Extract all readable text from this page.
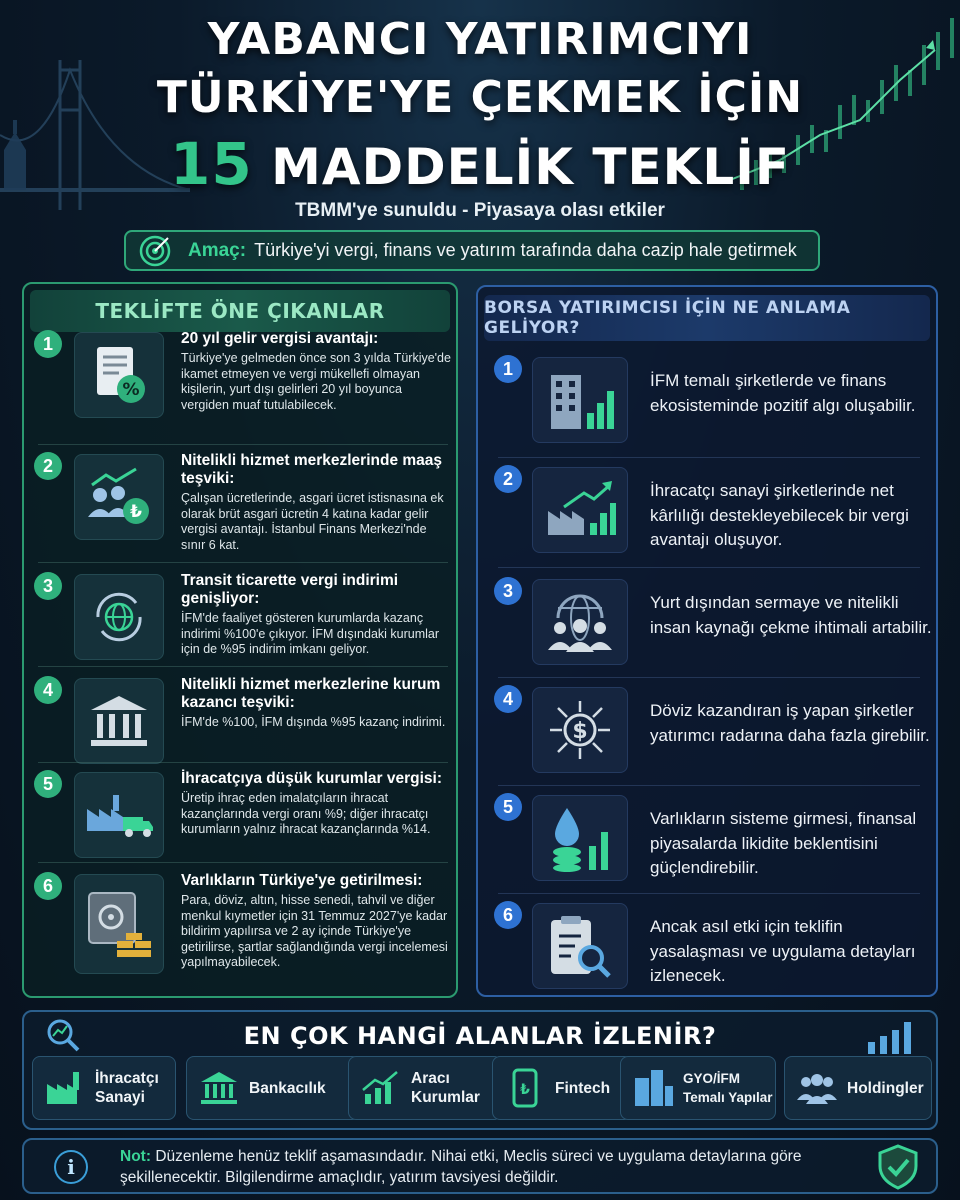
YABANCI YATIRIMCIYI
TÜRKİYE'YE ÇEKMEK İÇİN
15 MADDELİK TEKLİF
TBMM'ye sunuldu - Piyasaya olası etkiler
Amaç: Türkiye'yi vergi, finans ve yatırım tarafında daha cazip hale getirmek
TEKLİFTE ÖNE ÇIKANLAR
1
%
20 yıl gelir vergisi avantajı:
Türkiye'ye gelmeden önce son 3 yılda Türkiye'de ikamet etmeyen ve vergi mükellefi olmayan kişilerin, yurt dışı gelirleri 20 yıl boyunca vergiden muaf tutulabilecek.
2
₺
Nitelikli hizmet merkezlerinde maaş teşviki:
Çalışan ücretlerinde, asgari ücret istisnasına ek olarak brüt asgari ücretin 4 katına kadar gelir vergisi avantajı. İstanbul Finans Merkezi'nde sınır 6 kat.
3	Transit ticarette vergi indirimi genişliyor:
İFM'de faaliyet gösteren kurumlarda kazanç indirimi %100'e çıkıyor. İFM dışındaki kurumlar için de %95 indirim imkanı geliyor.
4	Nitelikli hizmet merkezlerine kurum kazancı teşviki:
İFM'de %100, İFM dışında %95 kazanç indirimi.
5	İhracatçıya düşük kurumlar vergisi:
Üretip ihraç eden imalatçıların ihracat kazançlarında vergi oranı %9; diğer ihracatçı kurumların yalnız ihracat kazançlarında %14.
6	Varlıkların Türkiye'ye getirilmesi:
Para, döviz, altın, hisse senedi, tahvil ve diğer menkul kıymetler için 31 Temmuz 2027'ye kadar bildirim yapılırsa ve 2 ay içinde Türkiye'ye getirilirse, şartlar sağlandığında vergi incelemesi yapılmayabilecek.
BORSA YATIRIMCISI İÇİN NE ANLAMA GELİYOR?
1
İFM temalı şirketlerde ve finans ekosisteminde pozitif algı oluşabilir.
2
İhracatçı sanayi şirketlerinde net kârlılığı destekleyebilecek bir vergi avantajı oluşuyor.
3
Yurt dışından sermaye ve nitelikli insan kaynağı çekme ihtimali artabilir.
4
$
Döviz kazandıran iş yapan şirketler yatırımcı radarına daha fazla girebilir.
5
Varlıkların sisteme girmesi, finansal piyasalarda likidite beklentisini güçlendirebilir.
6
Ancak asıl etki için teklifin yasalaşması ve uygulama detayları izlenecek.
EN ÇOK HANGİ ALANLAR İZLENİR?
İhracatçı
Sanayi
Bankacılık
Aracı
Kurumlar	₺ Fintech
GYO/İFM
Temalı Yapılar
Holdingler
i	Not: Düzenleme henüz teklif aşamasındadır. Nihai etki, Meclis süreci ve uygulama detaylarına göre şekillenecektir. Bilgilendirme amaçlıdır, yatırım tavsiyesi değildir.
